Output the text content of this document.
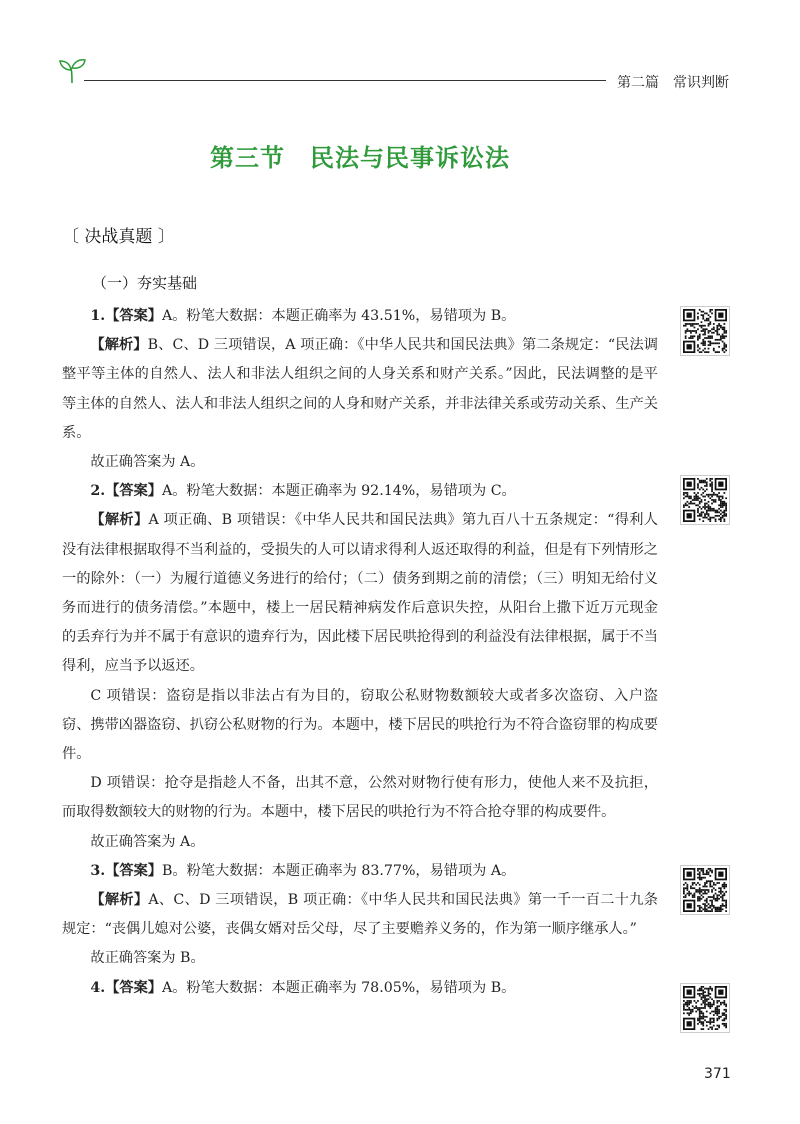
第二篇 常识判断
第三节　民法与民事诉讼法
〔 决战真题 〕
（一）夯实基础

1.【答案】A。粉笔大数据：本题正确率为 43.51%，易错项为 B。

【解析】B、C、D 三项错误，A 项正确：《中华人民共和国民法典》第二条规定：“民法调整平等主体的自然人、法人和非法人组织之间的人身关系和财产关系。”因此，民法调整的是平等主体的自然人、法人和非法人组织之间的人身和财产关系，并非法律关系或劳动关系、生产关系。

故正确答案为 A。

2.【答案】A。粉笔大数据：本题正确率为 92.14%，易错项为 C。

【解析】A 项正确、B 项错误：《中华人民共和国民法典》第九百八十五条规定：“得利人没有法律根据取得不当利益的，受损失的人可以请求得利人返还取得的利益，但是有下列情形之一的除外：（一）为履行道德义务进行的给付；（二）债务到期之前的清偿；（三）明知无给付义务而进行的债务清偿。”本题中，楼上一居民精神病发作后意识失控，从阳台上撒下近万元现金的丢弃行为并不属于有意识的遗弃行为，因此楼下居民哄抢得到的利益没有法律根据，属于不当得利，应当予以返还。

C 项错误：盗窃是指以非法占有为目的，窃取公私财物数额较大或者多次盗窃、入户盗窃、携带凶器盗窃、扒窃公私财物的行为。本题中，楼下居民的哄抢行为不符合盗窃罪的构成要件。

D 项错误：抢夺是指趁人不备，出其不意，公然对财物行使有形力，使他人来不及抗拒，而取得数额较大的财物的行为。本题中，楼下居民的哄抢行为不符合抢夺罪的构成要件。

故正确答案为 A。

3.【答案】B。粉笔大数据：本题正确率为 83.77%，易错项为 A。

【解析】A、C、D 三项错误，B 项正确：《中华人民共和国民法典》第一千一百二十九条规定：“丧偶儿媳对公婆，丧偶女婿对岳父母，尽了主要赡养义务的，作为第一顺序继承人。”

故正确答案为 B。

4.【答案】A。粉笔大数据：本题正确率为 78.05%，易错项为 B。

371
